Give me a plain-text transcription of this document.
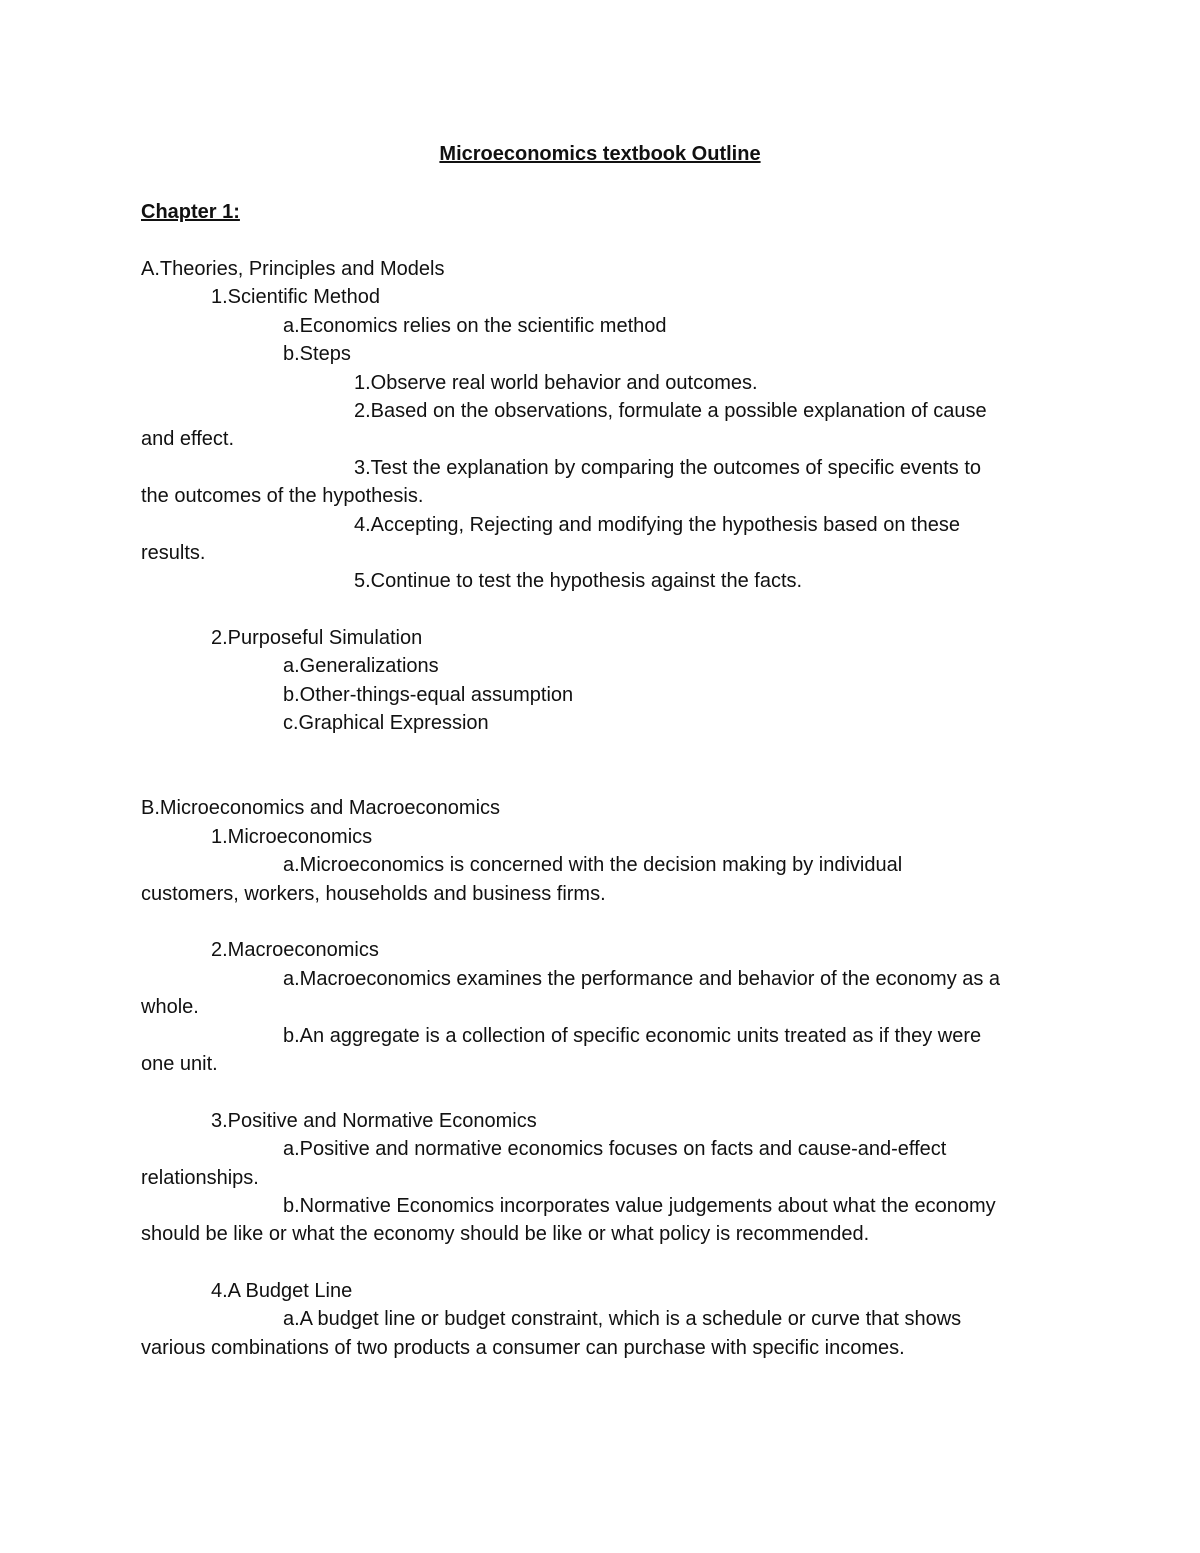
Microeconomics textbook Outline
Chapter 1:
A.Theories, Principles and Models
1.Scientific Method
a.Economics relies on the scientific method
b.Steps
1.Observe real world behavior and outcomes.
2.Based on the observations, formulate a possible explanation of cause
and effect.
3.Test the explanation by comparing the outcomes of specific events to
the outcomes of the hypothesis.
4.Accepting, Rejecting and modifying the hypothesis based on these
results.
5.Continue to test the hypothesis against the facts.
2.Purposeful Simulation
a.Generalizations
b.Other-things-equal assumption
c.Graphical Expression
B.Microeconomics and Macroeconomics
1.Microeconomics
a.Microeconomics is concerned with the decision making by individual
customers, workers, households and business firms.
2.Macroeconomics
a.Macroeconomics examines the performance and behavior of the economy as a
whole.
b.An aggregate is a collection of specific economic units treated as if they were
one unit.
3.Positive and Normative Economics
a.Positive and normative economics focuses on facts and cause-and-effect
relationships.
b.Normative Economics incorporates value judgements about what the economy
should be like or what the economy should be like or what policy is recommended.
4.A Budget Line
a.A budget line or budget constraint, which is a schedule or curve that shows
various combinations of two products a consumer can purchase with specific incomes.
